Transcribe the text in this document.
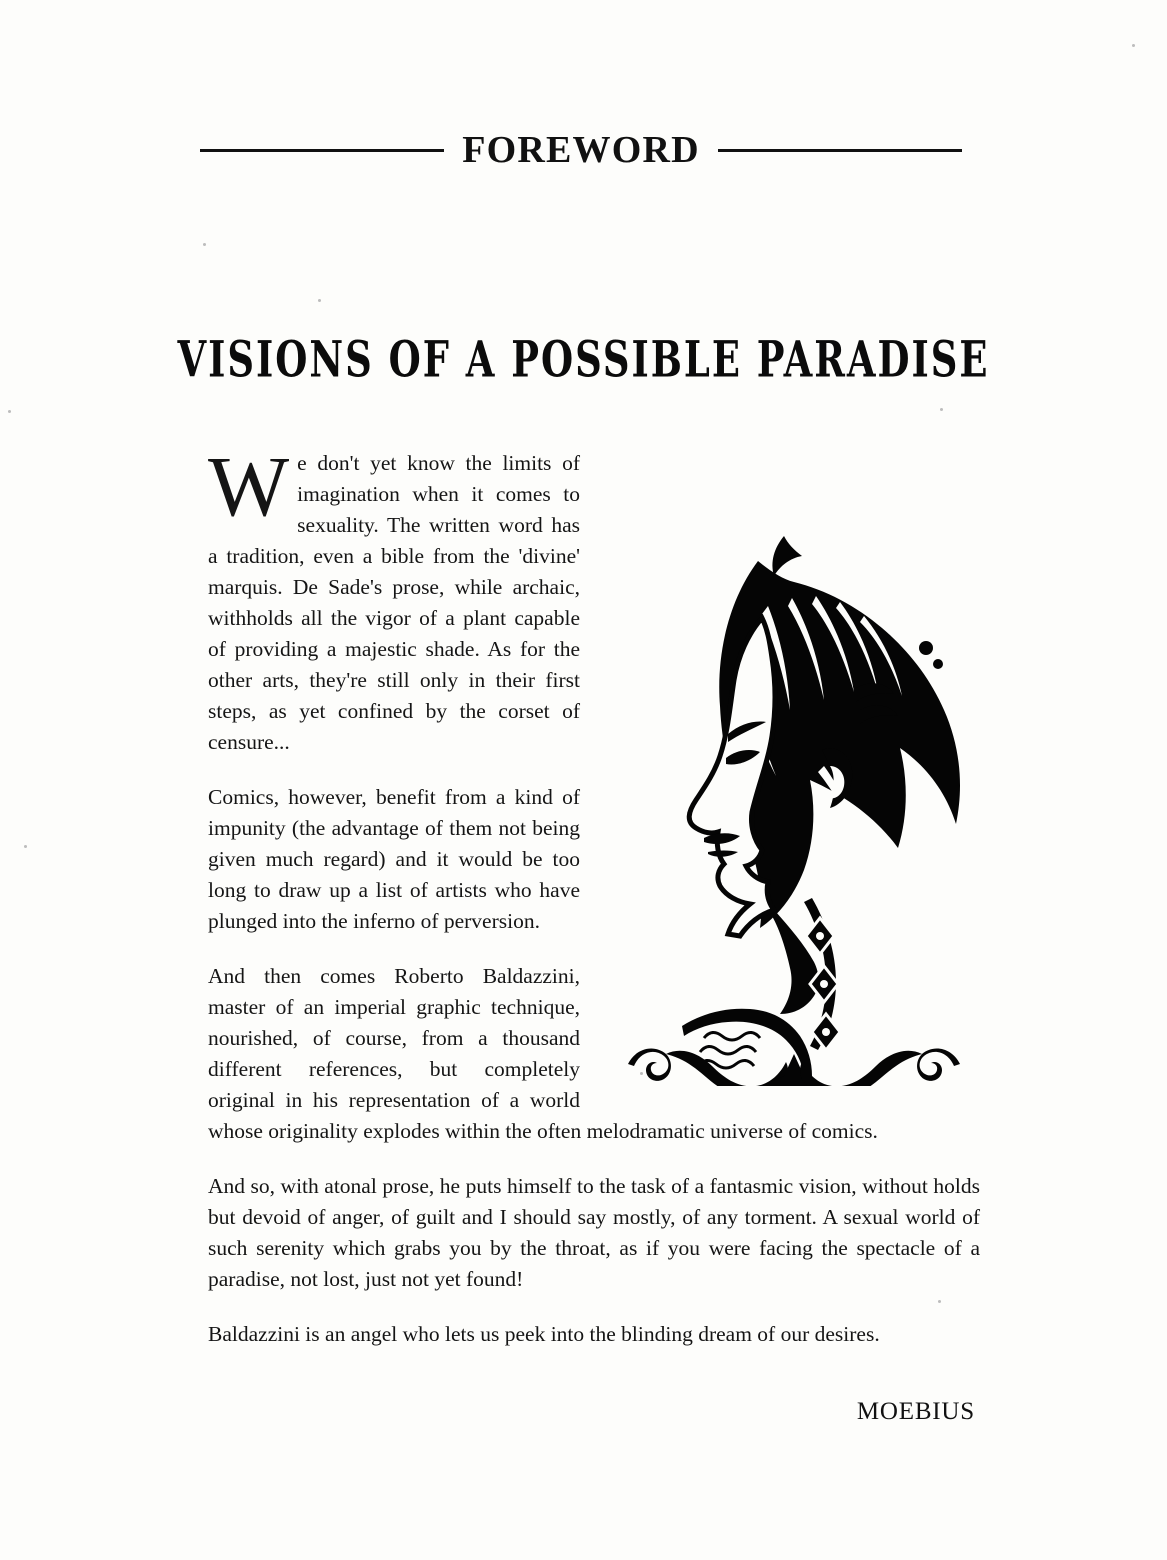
FOREWORD
VISIONS OF A POSSIBLE PARADISE

We don't yet know the limits of imagination when it comes to sexuality. The written word has a tradition, even a bible from the 'divine' marquis. De Sade's prose, while archaic, withholds all the vigor of a plant capable of providing a majestic shade. As for the other arts, they're still only in their first steps, as yet confined by the corset of censure...

Comics, however, benefit from a kind of impunity (the advantage of them not being given much regard) and it would be too long to draw up a list of artists who have plunged into the inferno of perversion.

And then comes Roberto Baldazzini, master of an imperial graphic technique, nourished, of course, from a thousand different references, but completely original in his representation of a world whose originality explodes within the often melodramatic universe of comics.

And so, with atonal prose, he puts himself to the task of a fantasmic vision, without holds but devoid of anger, of guilt and I should say mostly, of any torment. A sexual world of such serenity which grabs you by the throat, as if you were facing the spectacle of a paradise, not lost, just not yet found!

Baldazzini is an angel who lets us peek into the blinding dream of our desires.

MOEBIUS
